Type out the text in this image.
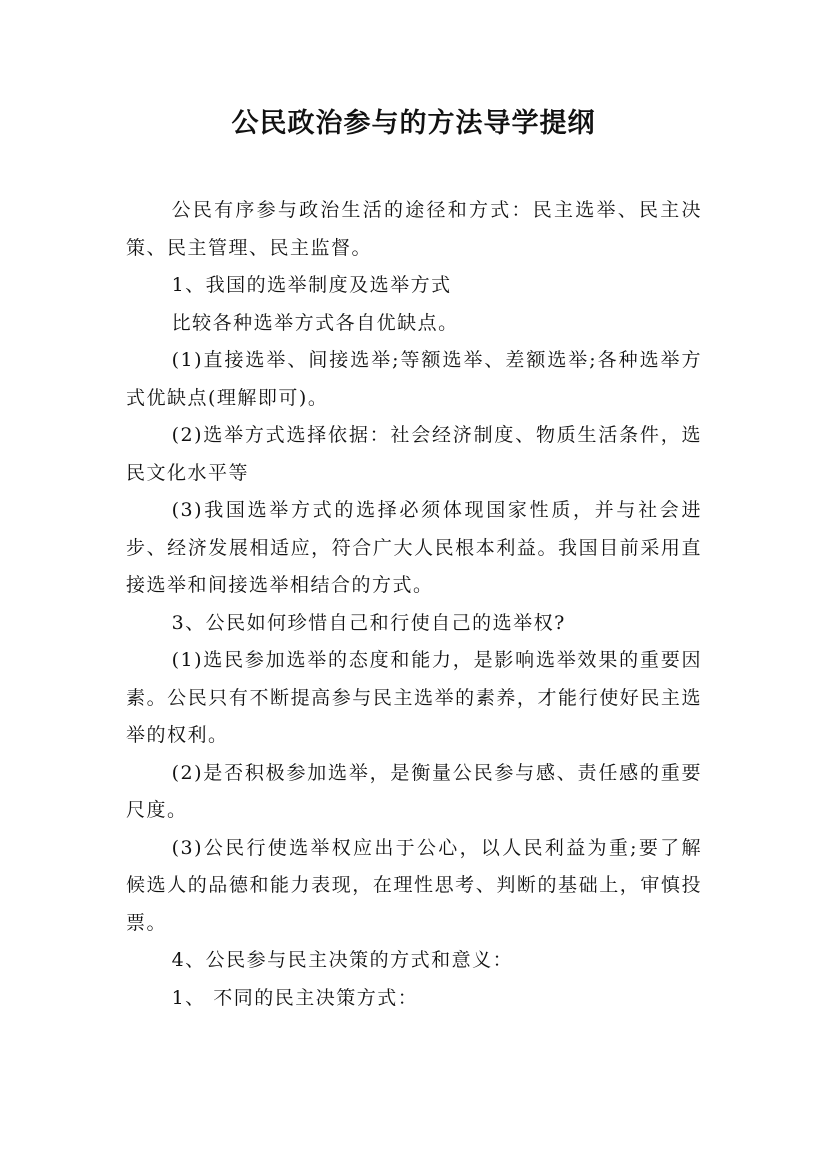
公民政治参与的方法导学提纲

公民有序参与政治生活的途径和方式：民主选举、民主决策、民主管理、民主监督。

1、我国的选举制度及选举方式

比较各种选举方式各自优缺点。

(1)直接选举、间接选举;等额选举、差额选举;各种选举方式优缺点(理解即可)。

(2)选举方式选择依据：社会经济制度、物质生活条件，选民文化水平等

(3)我国选举方式的选择必须体现国家性质，并与社会进步、经济发展相适应，符合广大人民根本利益。我国目前采用直接选举和间接选举相结合的方式。

3、公民如何珍惜自己和行使自己的选举权?

(1)选民参加选举的态度和能力，是影响选举效果的重要因素。公民只有不断提高参与民主选举的素养，才能行使好民主选举的权利。

(2)是否积极参加选举，是衡量公民参与感、责任感的重要尺度。

(3)公民行使选举权应出于公心，以人民利益为重;要了解候选人的品德和能力表现，在理性思考、判断的基础上，审慎投票。

4、公民参与民主决策的方式和意义：

1、 不同的民主决策方式：
